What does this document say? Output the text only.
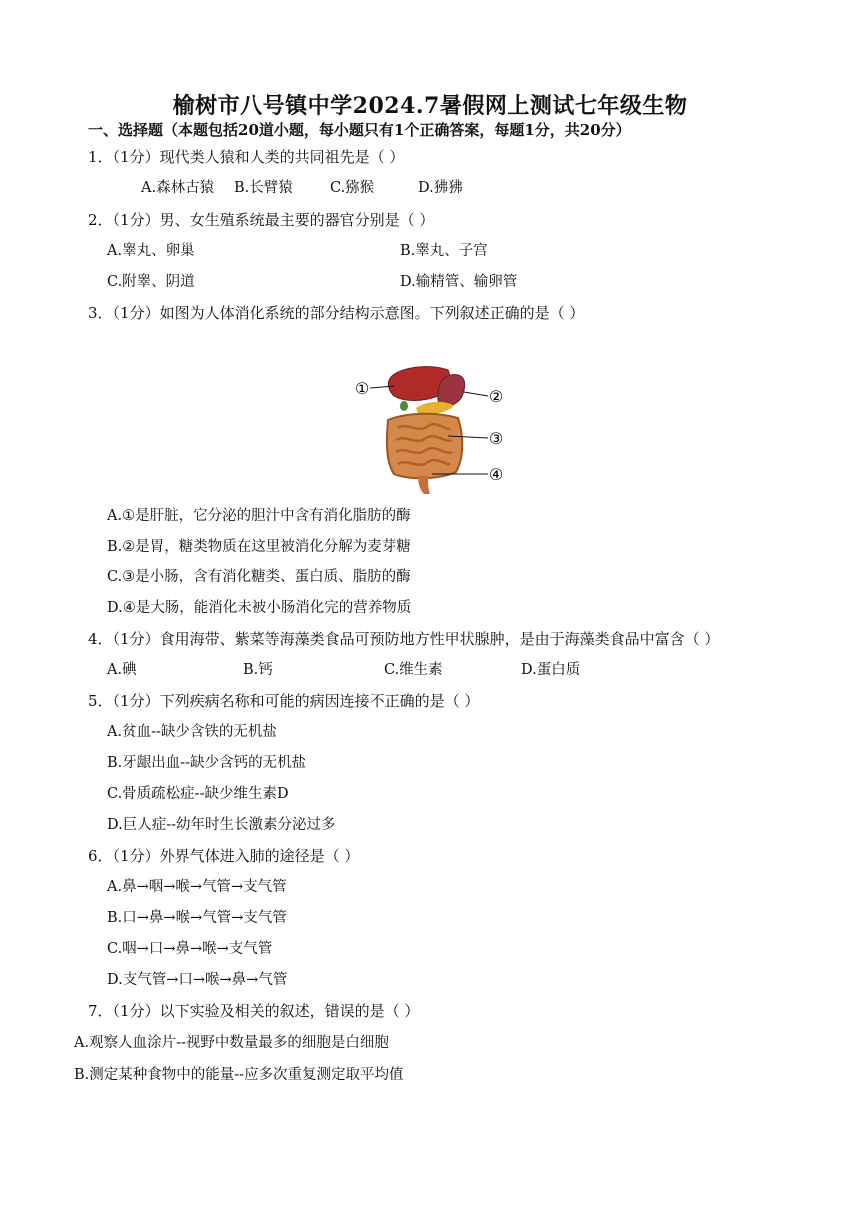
榆树市八号镇中学2024.7暑假网上测试七年级生物
一、选择题（本题包括20道小题，每小题只有1个正确答案，每题1分，共20分）
1．（1分）现代类人猿和人类的共同祖先是（ ）
A.森林古猿 B.长臂猿	C.猕猴	D.狒狒
2．（1分）男、女生殖系统最主要的器官分别是（ ）
A.睾丸、卵巢	B.睾丸、子宫
C.附睾、阴道	D.输精管、输卵管
3．（1分）如图为人体消化系统的部分结构示意图。下列叙述正确的是（ ）
①	②
③
④
A.①是肝脏，它分泌的胆汁中含有消化脂肪的酶
B.②是胃，糖类物质在这里被消化分解为麦芽糖
C.③是小肠，含有消化糖类、蛋白质、脂肪的酶
D.④是大肠，能消化未被小肠消化完的营养物质
4．（1分）食用海带、紫菜等海藻类食品可预防地方性甲状腺肿，是由于海藻类食品中富含（ ）
A.碘	B.钙	C.维生素	D.蛋白质
5．（1分）下列疾病名称和可能的病因连接不正确的是（ ）
A.贫血--缺少含铁的无机盐
B.牙龈出血--缺少含钙的无机盐
C.骨质疏松症--缺少维生素D
D.巨人症--幼年时生长激素分泌过多
6．（1分）外界气体进入肺的途径是（ ）
A.鼻→咽→喉→气管→支气管
B.口→鼻→喉→气管→支气管
C.咽→口→鼻→喉→支气管
D.支气管→口→喉→鼻→气管
7．（1分）以下实验及相关的叙述，错误的是（ ）
A.观察人血涂片--视野中数量最多的细胞是白细胞
B.测定某种食物中的能量--应多次重复测定取平均值
